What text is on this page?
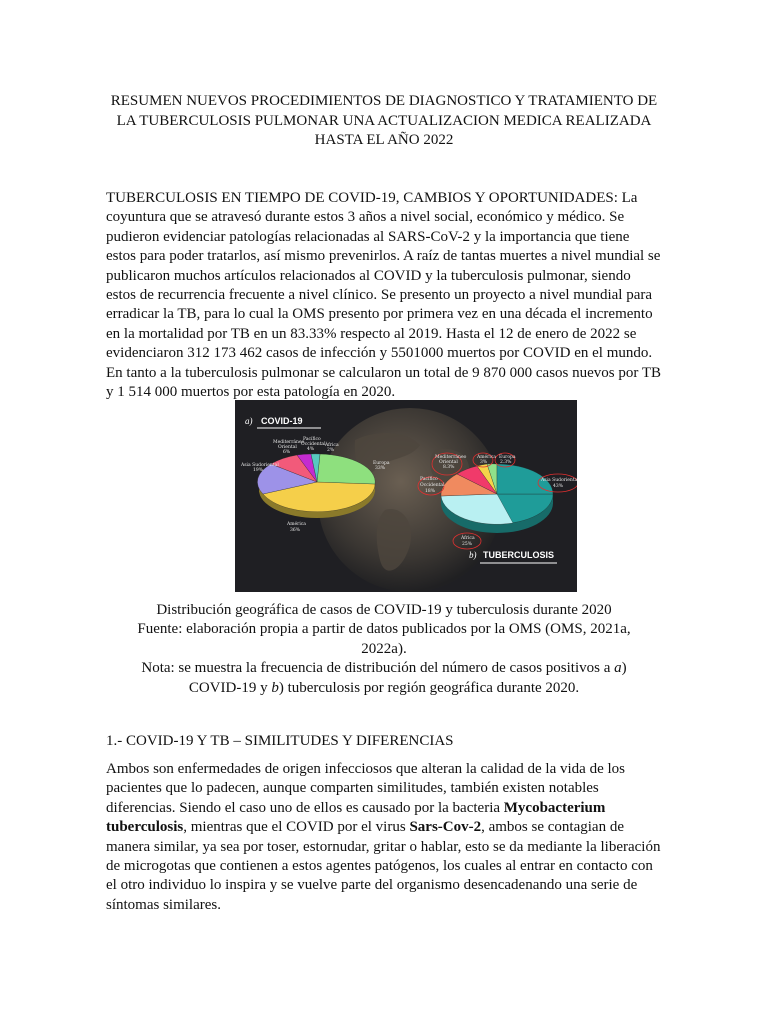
RESUMEN NUEVOS PROCEDIMIENTOS DE DIAGNOSTICO Y TRATAMIENTO DE LA TUBERCULOSIS PULMONAR UNA ACTUALIZACION MEDICA REALIZADA HASTA EL AÑO 2022

TUBERCULOSIS EN TIEMPO DE COVID-19, CAMBIOS Y OPORTUNIDADES: La coyuntura que se atravesó durante estos 3 años a nivel social, económico y médico. Se pudieron evidenciar patologías relacionadas al SARS-CoV-2 y la importancia que tiene estos para poder tratarlos, así mismo prevenirlos. A raíz de tantas muertes a nivel mundial se publicaron muchos artículos relacionados al COVID y la tuberculosis pulmonar, siendo estos de recurrencia frecuente a nivel clínico. Se presento un proyecto a nivel mundial para erradicar la TB, para lo cual la OMS presento por primera vez en una década el incremento en la mortalidad por TB en un 83.33% respecto al 2019. Hasta el 12 de enero de 2022 se evidenciaron 312 173 462 casos de infección y 5501000 muertos por COVID en el mundo. En tanto a la tuberculosis pulmonar se calcularon un total de 9 870 000 casos nuevos por TB y 1 514 000 muertos por esta patología en 2020.

a) COVID-19
Mediterráneo
Oriental
6%
Pacífico
Occidental
4%
África
2%
Asia Sudoriental
19%
Europa
33%
América
36%
Mediterráneo
Oriental
8.3%
América
3%
Europa
2.3%
Pacífico
Occidental
18%
Asia Sudoriental
43%
África
25%
b) TUBERCULOSIS
Distribución geográfica de casos de COVID-19 y tuberculosis durante 2020
Fuente: elaboración propia a partir de datos publicados por la OMS (OMS, 2021a, 2022a).
Nota: se muestra la frecuencia de distribución del número de casos positivos a a) COVID-19 y b) tuberculosis por región geográfica durante 2020.
1.- COVID-19 Y TB – SIMILITUDES Y DIFERENCIAS

Ambos son enfermedades de origen infecciosos que alteran la calidad de la vida de los pacientes que lo padecen, aunque comparten similitudes, también existen notables diferencias. Siendo el caso uno de ellos es causado por la bacteria Mycobacterium tuberculosis, mientras que el COVID por el virus Sars-Cov-2, ambos se contagian de manera similar, ya sea por toser, estornudar, gritar o hablar, esto se da mediante la liberación de microgotas que contienen a estos agentes patógenos, los cuales al entrar en contacto con el otro individuo lo inspira y se vuelve parte del organismo desencadenando una serie de síntomas similares.
